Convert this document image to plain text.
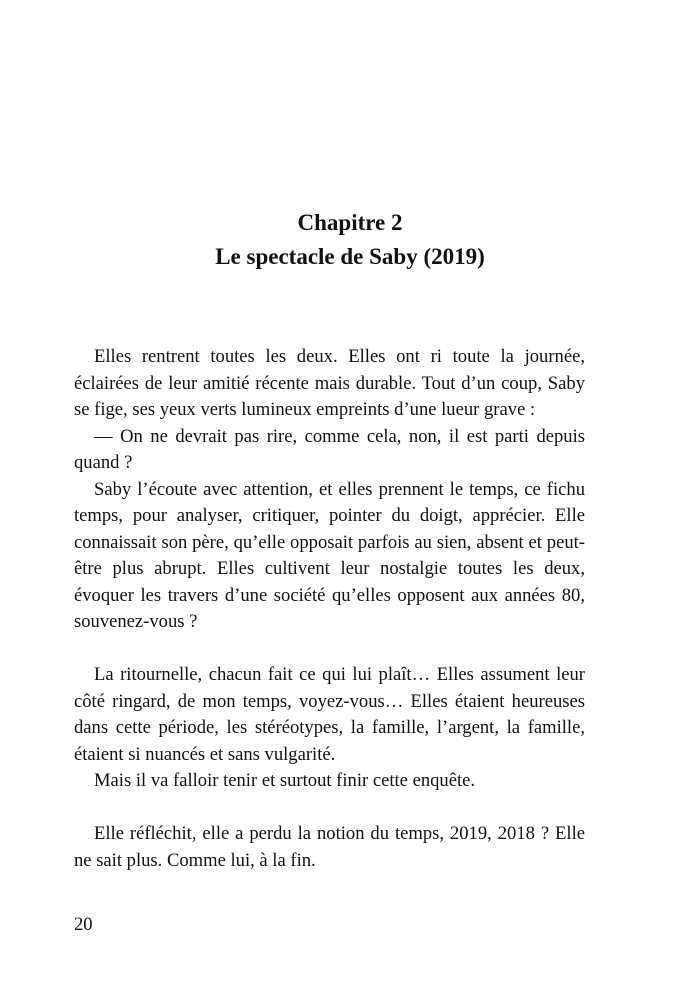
Chapitre 2
Le spectacle de Saby (2019)

Elles rentrent toutes les deux. Elles ont ri toute la journée, éclairées de leur amitié récente mais durable. Tout d’un coup, Saby se fige, ses yeux verts lumineux empreints d’une lueur grave :

— On ne devrait pas rire, comme cela, non, il est parti depuis quand ?

Saby l’écoute avec attention, et elles prennent le temps, ce fichu temps, pour analyser, critiquer, pointer du doigt, apprécier. Elle connaissait son père, qu’elle opposait parfois au sien, absent et peut-être plus abrupt. Elles cultivent leur nostalgie toutes les deux, évoquer les travers d’une société qu’elles opposent aux années 80, souvenez-vous ?

La ritournelle, chacun fait ce qui lui plaît… Elles assument leur côté ringard, de mon temps, voyez-vous… Elles étaient heureuses dans cette période, les stéréotypes, la famille, l’argent, la famille, étaient si nuancés et sans vulgarité.

Mais il va falloir tenir et surtout finir cette enquête.

Elle réfléchit, elle a perdu la notion du temps, 2019, 2018 ? Elle ne sait plus. Comme lui, à la fin.

20
